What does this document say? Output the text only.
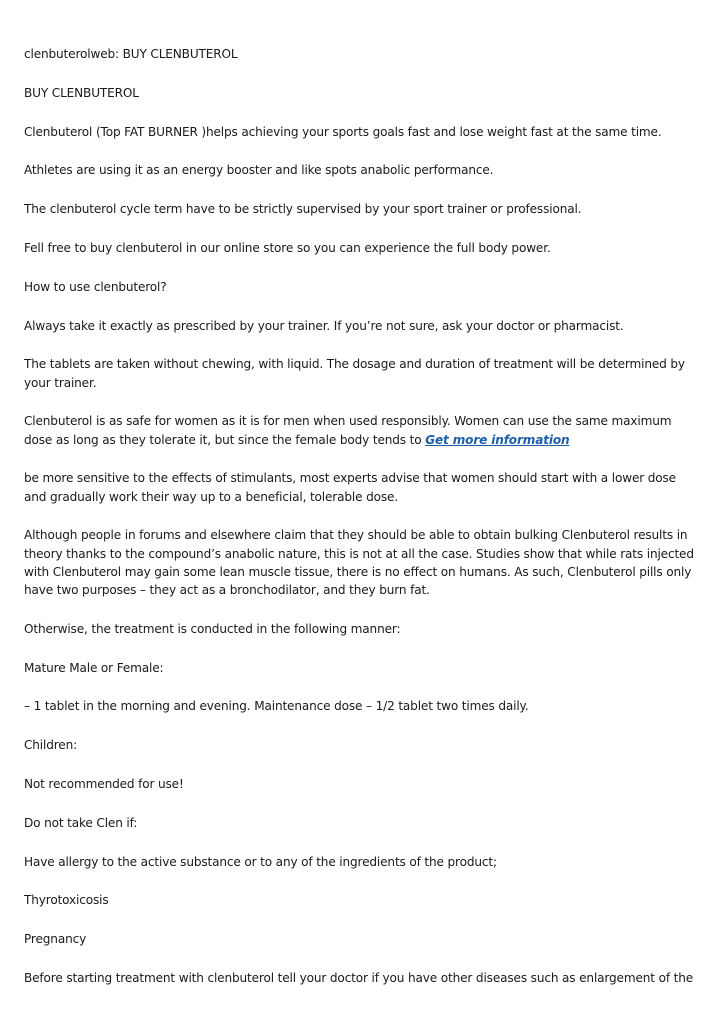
clenbuterolweb: BUY CLENBUTEROL

BUY CLENBUTEROL

Clenbuterol (Top FAT BURNER )helps achieving your sports goals fast and lose weight fast at the same time.

Athletes are using it as an energy booster and like spots anabolic performance.

The clenbuterol cycle term have to be strictly supervised by your sport trainer or professional.

Fell free to buy clenbuterol in our online store so you can experience the full body power.

How to use clenbuterol?

Always take it exactly as prescribed by your trainer. If you’re not sure, ask your doctor or pharmacist.

The tablets are taken without chewing, with liquid. The dosage and duration of treatment will be determined by your trainer.

Clenbuterol is as safe for women as it is for men when used responsibly. Women can use the same maximum dose as long as they tolerate it, but since the female body tends to Get more information

be more sensitive to the effects of stimulants, most experts advise that women should start with a lower dose and gradually work their way up to a beneficial, tolerable dose.

Although people in forums and elsewhere claim that they should be able to obtain bulking Clenbuterol results in theory thanks to the compound’s anabolic nature, this is not at all the case. Studies show that while rats injected with Clenbuterol may gain some lean muscle tissue, there is no effect on humans. As such, Clenbuterol pills only have two purposes – they act as a bronchodilator, and they burn fat.

Otherwise, the treatment is conducted in the following manner:

Mature Male or Female:

– 1 tablet in the morning and evening. Maintenance dose – 1/2 tablet two times daily.

Children:

Not recommended for use!

Do not take Clen if:

Have allergy to the active substance or to any of the ingredients of the product;

Thyrotoxicosis

Pregnancy

Before starting treatment with clenbuterol tell your doctor if you have other diseases such as enlargement of the
